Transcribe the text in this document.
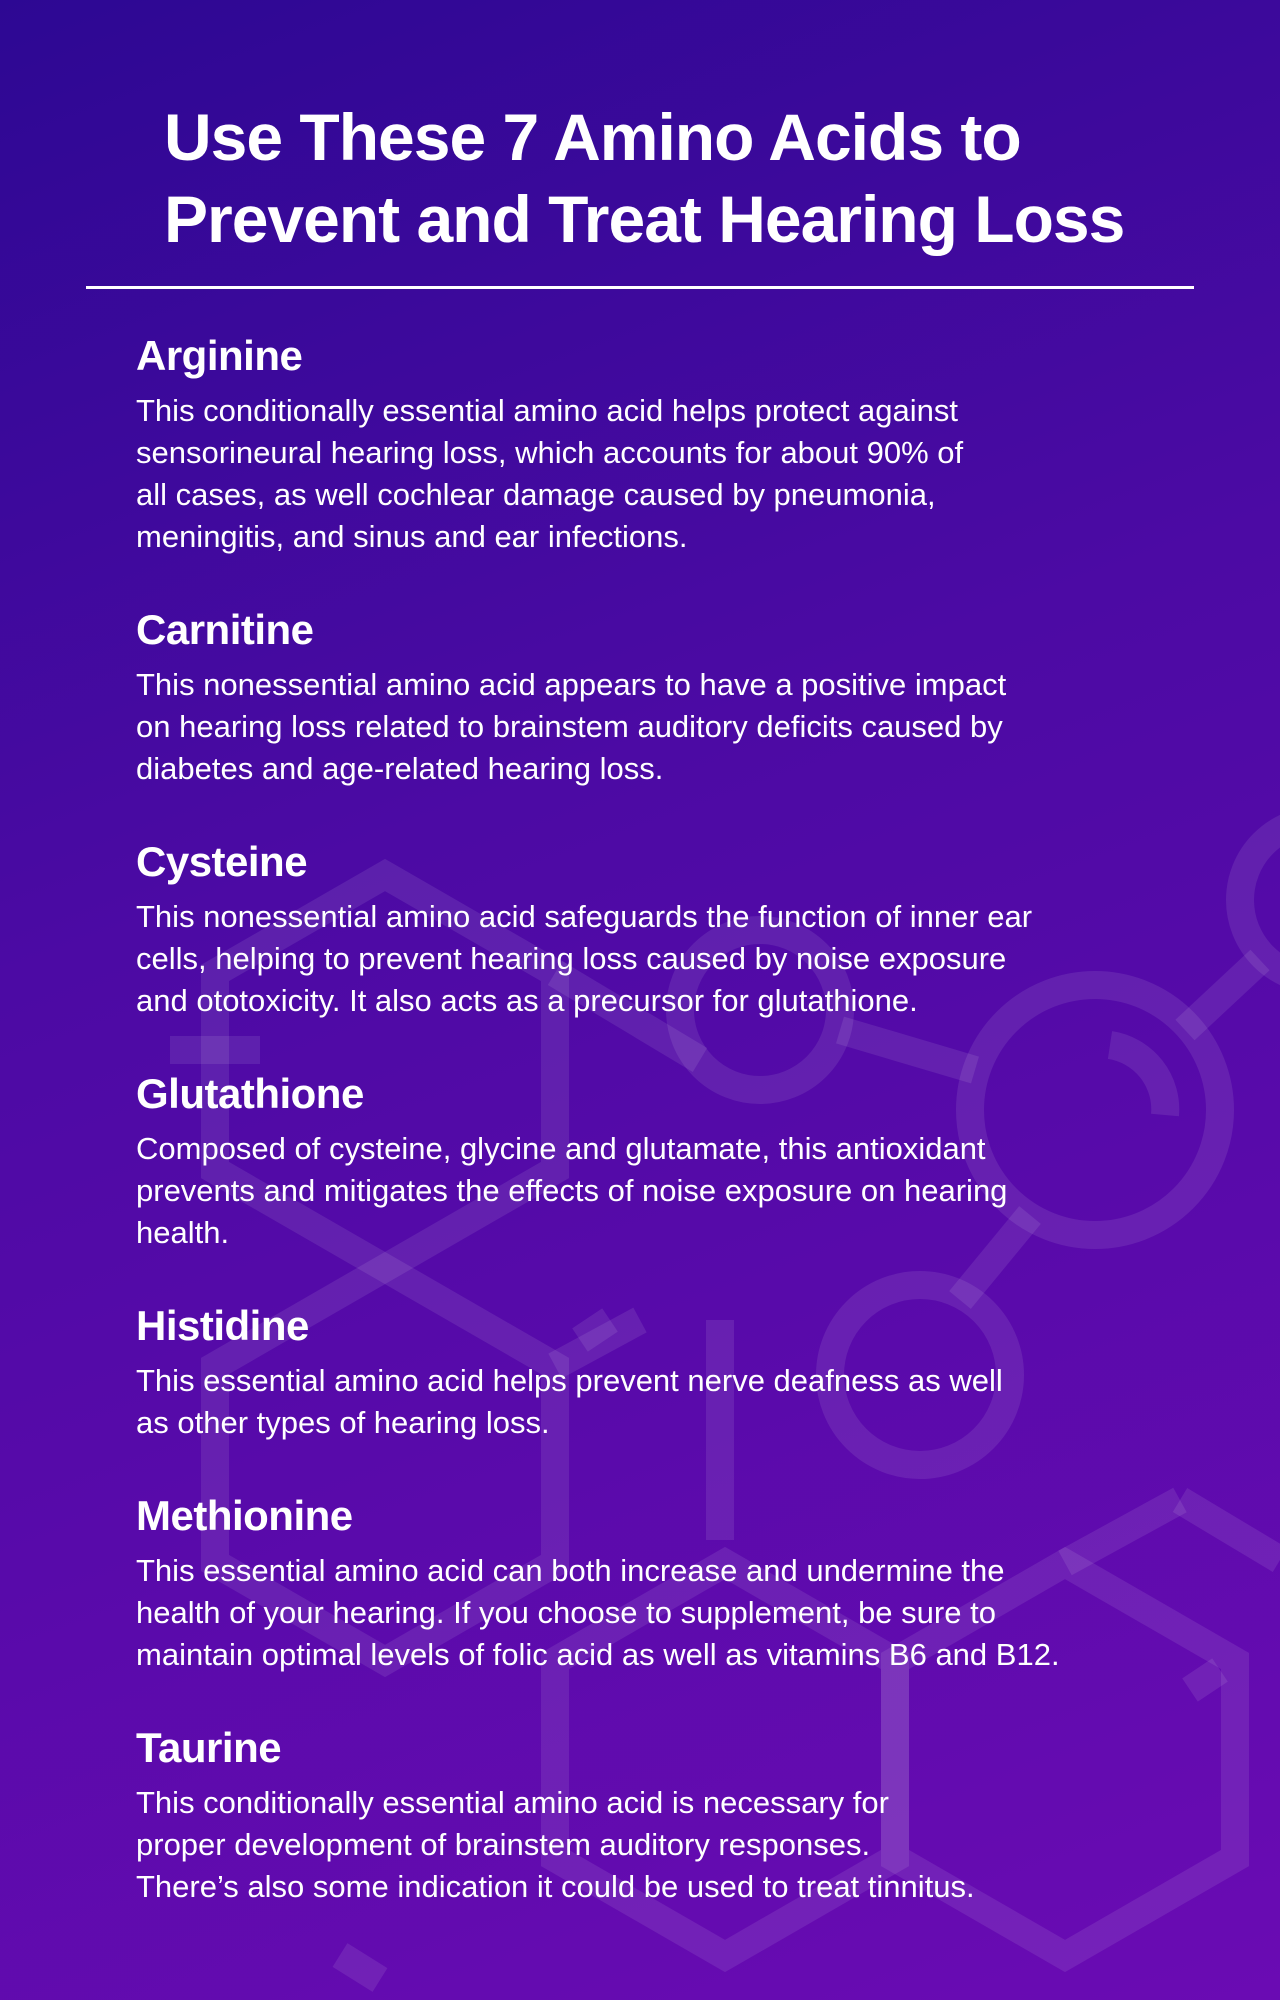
Use These 7 Amino Acids to
Prevent and Treat Hearing Loss
Arginine

This conditionally essential amino acid helps protect against
sensorineural hearing loss, which accounts for about 90% of
all cases, as well cochlear damage caused by pneumonia,
meningitis, and sinus and ear infections.

Carnitine

This nonessential amino acid appears to have a positive impact
on hearing loss related to brainstem auditory deficits caused by
diabetes and age-related hearing loss.

Cysteine

This nonessential amino acid safeguards the function of inner ear
cells, helping to prevent hearing loss caused by noise exposure
and ototoxicity. It also acts as a precursor for glutathione.

Glutathione

Composed of cysteine, glycine and glutamate, this antioxidant
prevents and mitigates the effects of noise exposure on hearing
health.

Histidine

This essential amino acid helps prevent nerve deafness as well
as other types of hearing loss.

Methionine

This essential amino acid can both increase and undermine the
health of your hearing. If you choose to supplement, be sure to
maintain optimal levels of folic acid as well as vitamins B6 and B12.

Taurine

This conditionally essential amino acid is necessary for
proper development of brainstem auditory responses.
There’s also some indication it could be used to treat tinnitus.
